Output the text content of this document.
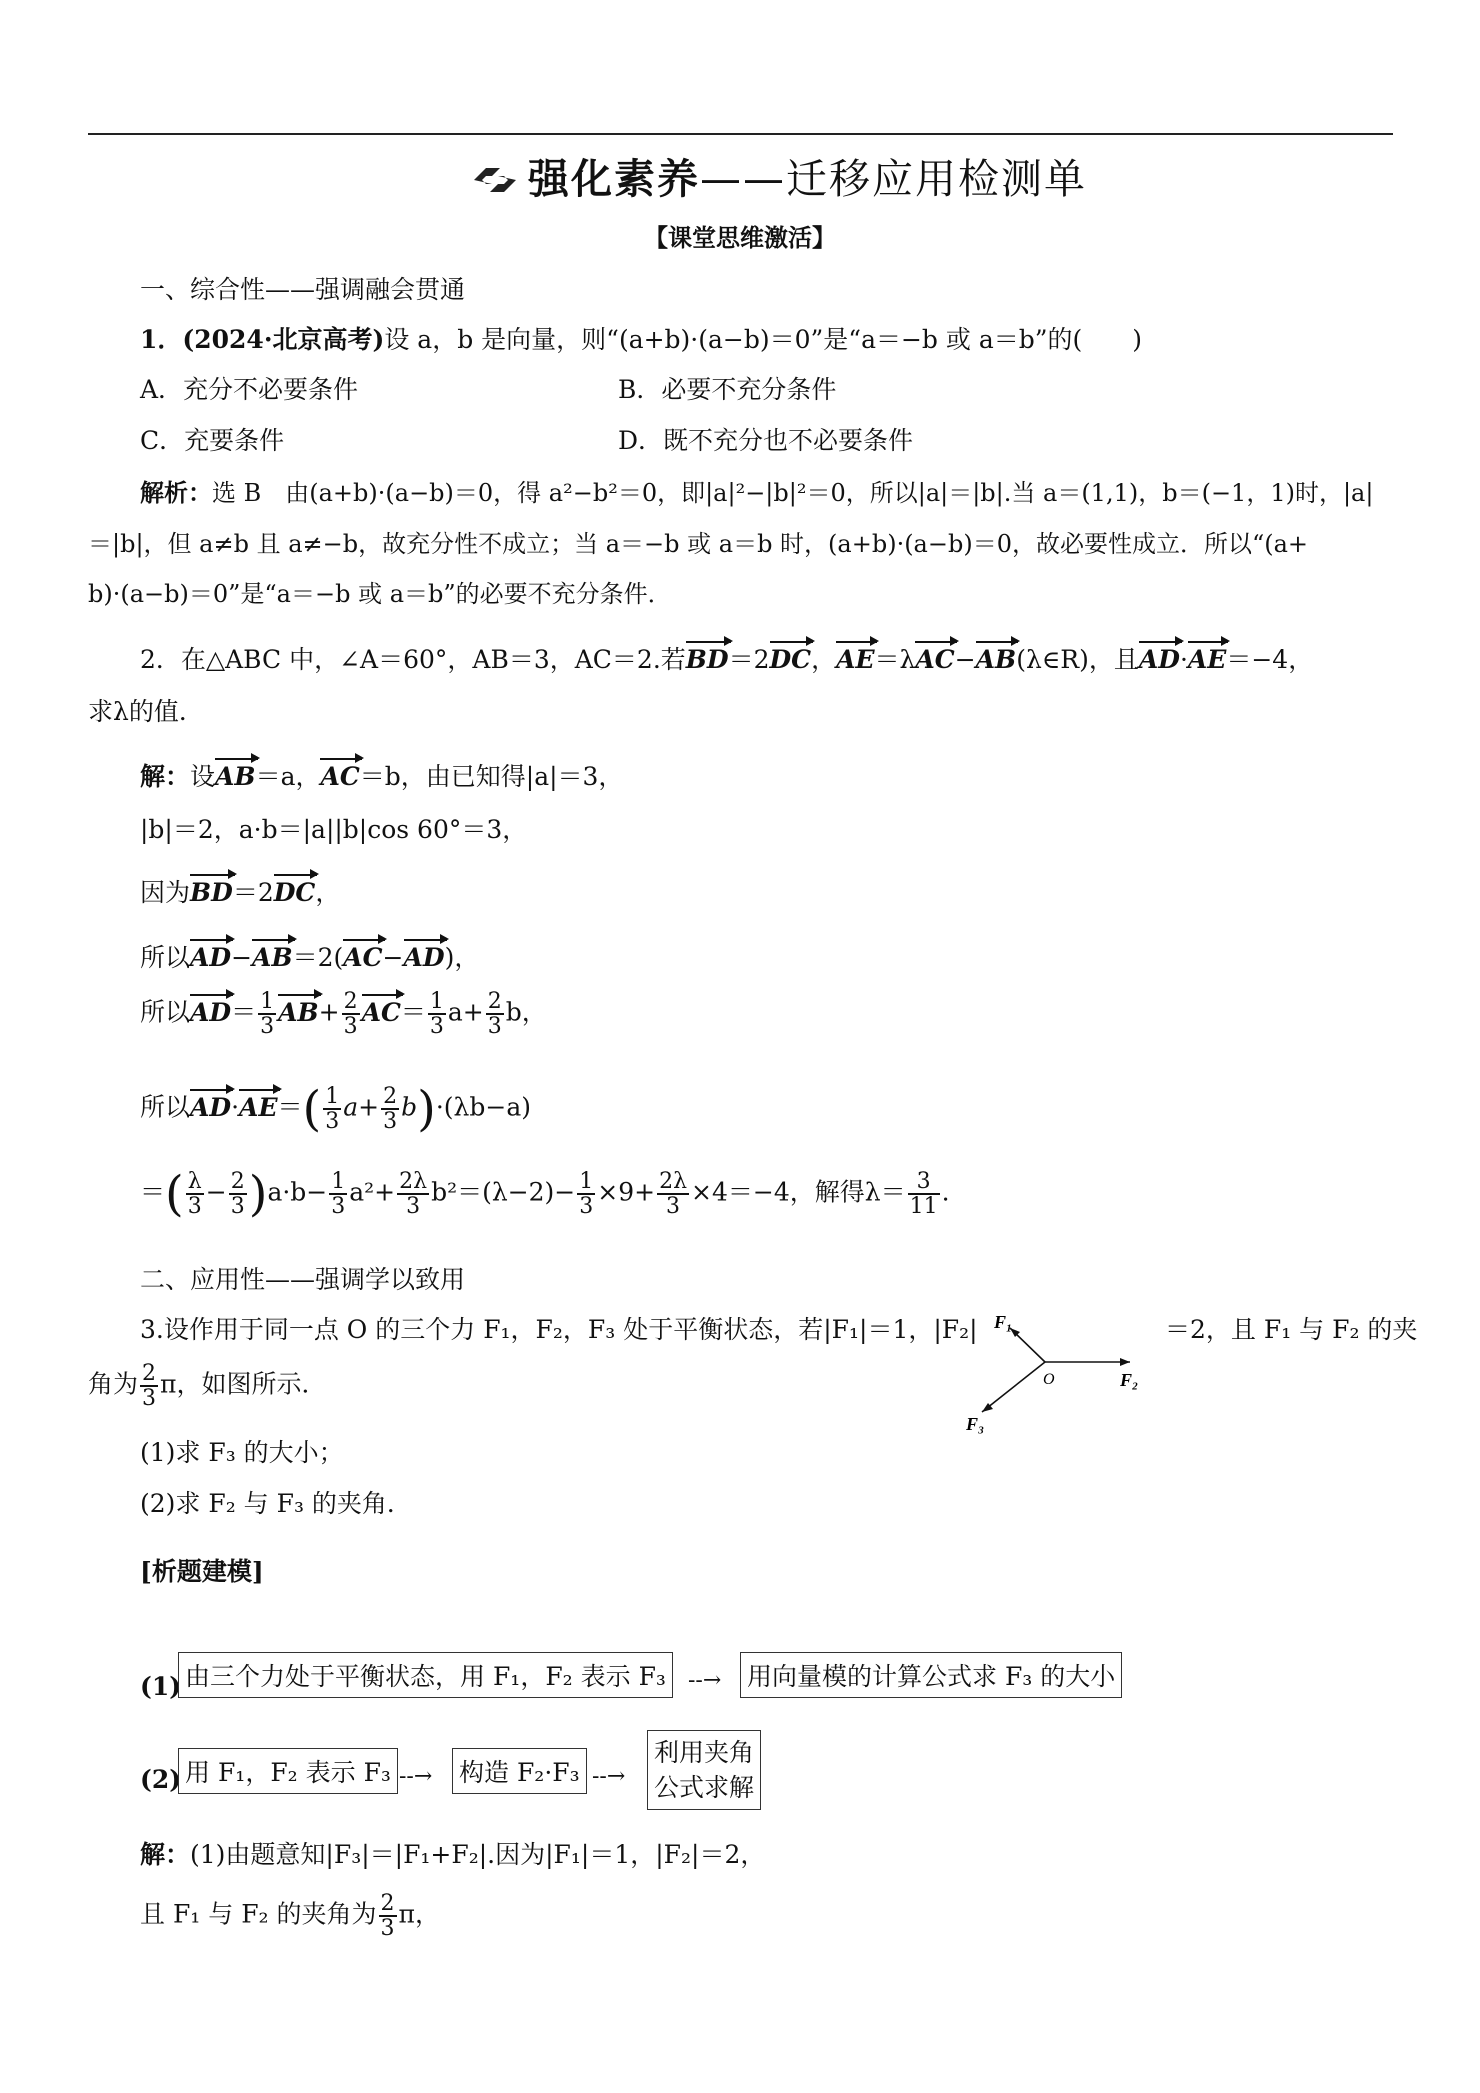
强化素养——迁移应用检测单
【课堂思维激活】
一、综合性——强调融会贯通
1．(2024·北京高考)设 a，b 是向量，则“(a+b)·(a−b)＝0”是“a＝−b 或 a＝b”的(　　)
A．充分不必要条件	B．必要不充分条件
C．充要条件	D．既不充分也不必要条件
解析：选 B　由(a+b)·(a−b)＝0，得 a²−b²＝0，即|a|²−|b|²＝0，所以|a|＝|b|.当 a＝(1,1)，b＝(−1，1)时，|a|
＝|b|，但 a≠b 且 a≠−b，故充分性不成立；当 a＝−b 或 a＝b 时，(a+b)·(a−b)＝0，故必要性成立．所以“(a+
b)·(a−b)＝0”是“a＝−b 或 a＝b”的必要不充分条件．
2．在△ABC 中，∠A＝60°，AB＝3，AC＝2.若BD＝2DC，AE＝λAC−AB(λ∈R)，且AD·AE＝−4，
求λ的值．
解：设AB＝a，AC＝b，由已知得|a|＝3，
|b|＝2，a·b＝|a||b|cos 60°＝3，
因为BD＝2DC，
所以AD−AB＝2(AC−AD)，
所以$AD= \frac{1}{3} AB+ \frac{2}{3} AC= \frac{1}{3} a+ \frac{2}{3}$ b，
所以$AD\cdot AE=( \frac{1}{3} a+ \frac{2}{3} b)\cdot(\lambda b-a)$
＝( $\frac{\lambda}{3} - \frac{2}{3} )a\cdot b- \frac{1}{3} a^2+ \frac{2\lambda}{3} b^2=(\lambda-2)- \frac{1}{3} \times 9+ \frac{2\lambda}{3} \times 4=-4$，解得$\lambda= \frac{3}{11}$ .
二、应用性——强调学以致用
3.设作用于同一点 O 的三个力 F₁，F₂，F₃ 处于平衡状态，若|F₁|＝1，|F₂|	＝2，且 F₁ 与 F₂ 的夹
角为 $\frac{2}{3}$ π，如图所示．
F₁
O	F₂
F₃
(1)求 F₃ 的大小；
(2)求 F₂ 与 F₃ 的夹角．
[析题建模]
(1) 由三个力处于平衡状态，用 F₁，F₂ 表示 F₃	--→ 用向量模的计算公式求 F₃ 的大小
(2) 用 F₁，F₂ 表示 F₃ --→ 构造 F₂·F₃ --→
利用夹角
公式求解
解：(1)由题意知|F₃|＝|F₁+F₂|.因为|F₁|＝1，|F₂|＝2，
且 F₁ 与 F₂ 的夹角为 $\frac{2}{3}$ π，
